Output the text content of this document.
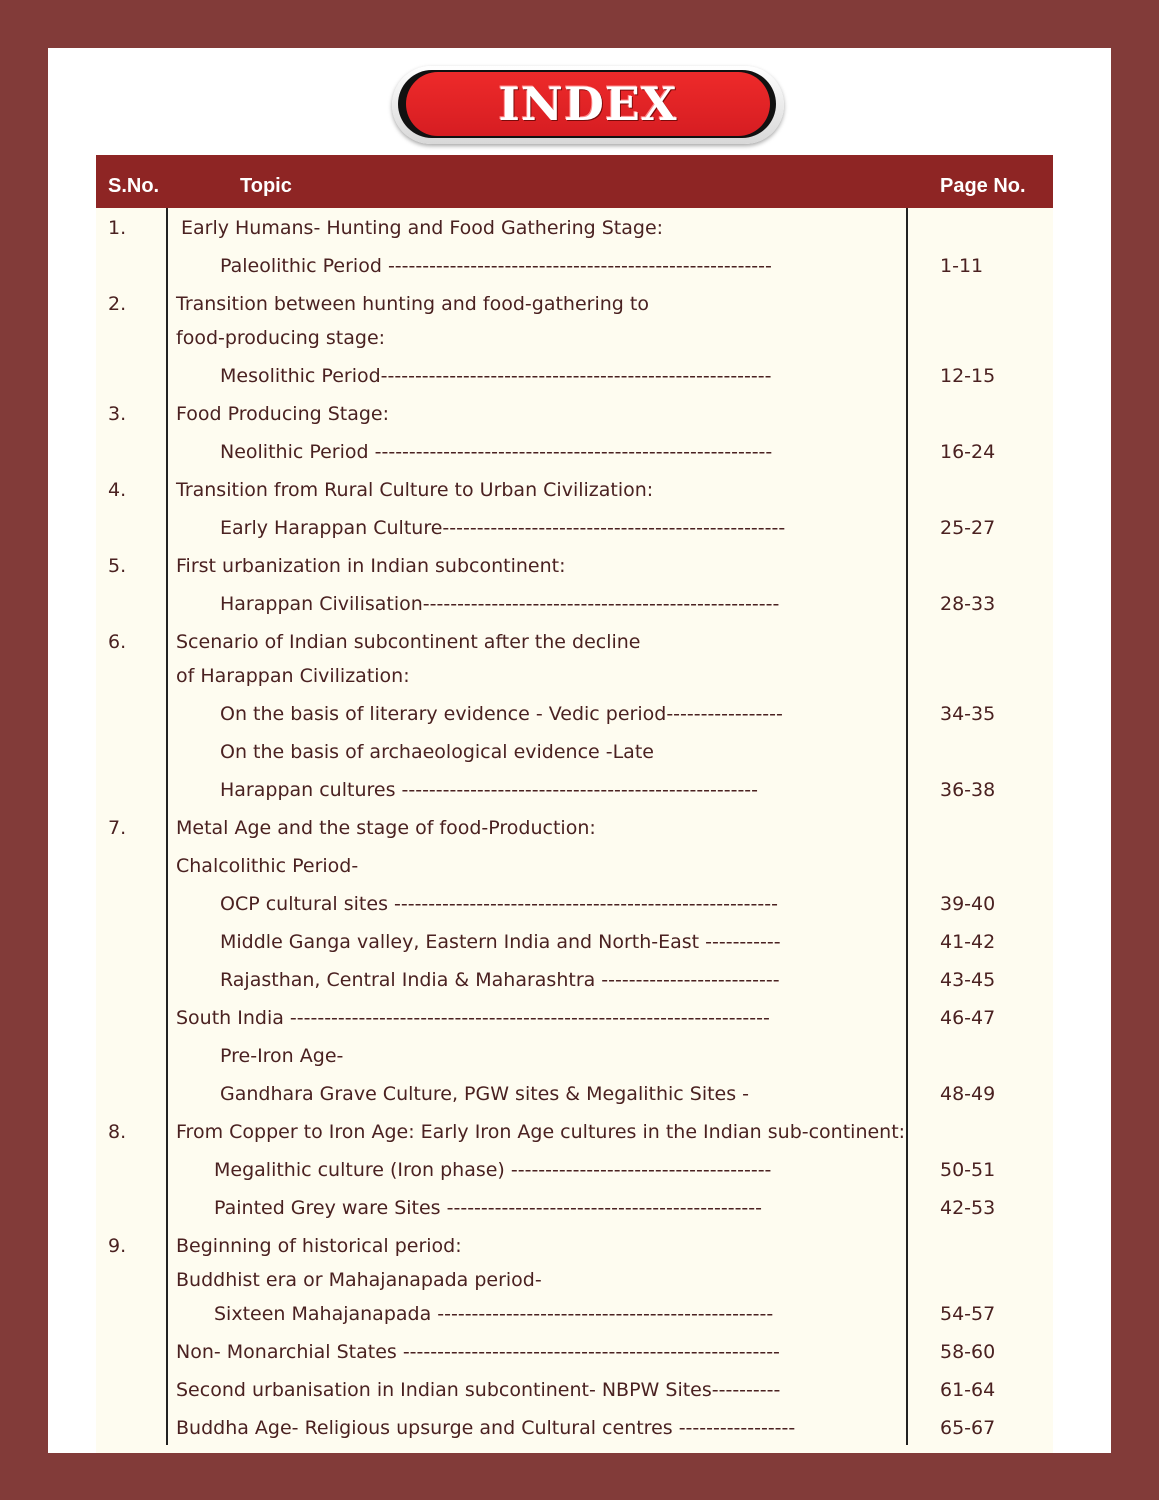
INDEX
S.No.	Topic	Page No.
1.	Early Humans- Hunting and Food Gathering Stage:
Paleolithic Period --------------------------------------------------------	1-11
2.	Transition between hunting and food-gathering to
food-producing stage:
Mesolithic Period---------------------------------------------------------	12-15
3.	Food Producing Stage:
Neolithic Period ----------------------------------------------------------	16-24
4.	Transition from Rural Culture to Urban Civilization:
Early Harappan Culture--------------------------------------------------	25-27
5.	First urbanization in Indian subcontinent:
Harappan Civilisation----------------------------------------------------	28-33
6.	Scenario of Indian subcontinent after the decline
of Harappan Civilization:
On the basis of literary evidence - Vedic period-----------------	34-35
On the basis of archaeological evidence -Late
Harappan cultures ----------------------------------------------------	36-38
7.	Metal Age and the stage of food-Production:
Chalcolithic Period-
OCP cultural sites --------------------------------------------------------	39-40
Middle Ganga valley, Eastern India and North-East -----------	41-42
Rajasthan, Central India & Maharashtra --------------------------	43-45
South India ----------------------------------------------------------------------	46-47
Pre-Iron Age-
Gandhara Grave Culture, PGW sites & Megalithic Sites -	48-49
8.	From Copper to Iron Age: Early Iron Age cultures in the Indian sub-continent:
Megalithic culture (Iron phase) --------------------------------------	50-51
Painted Grey ware Sites ----------------------------------------------	42-53
9.	Beginning of historical period:
Buddhist era or Mahajanapada period-
Sixteen Mahajanapada -------------------------------------------------	54-57
Non- Monarchial States -------------------------------------------------------	58-60
Second urbanisation in Indian subcontinent- NBPW Sites----------	61-64
Buddha Age- Religious upsurge and Cultural centres -----------------	65-67
